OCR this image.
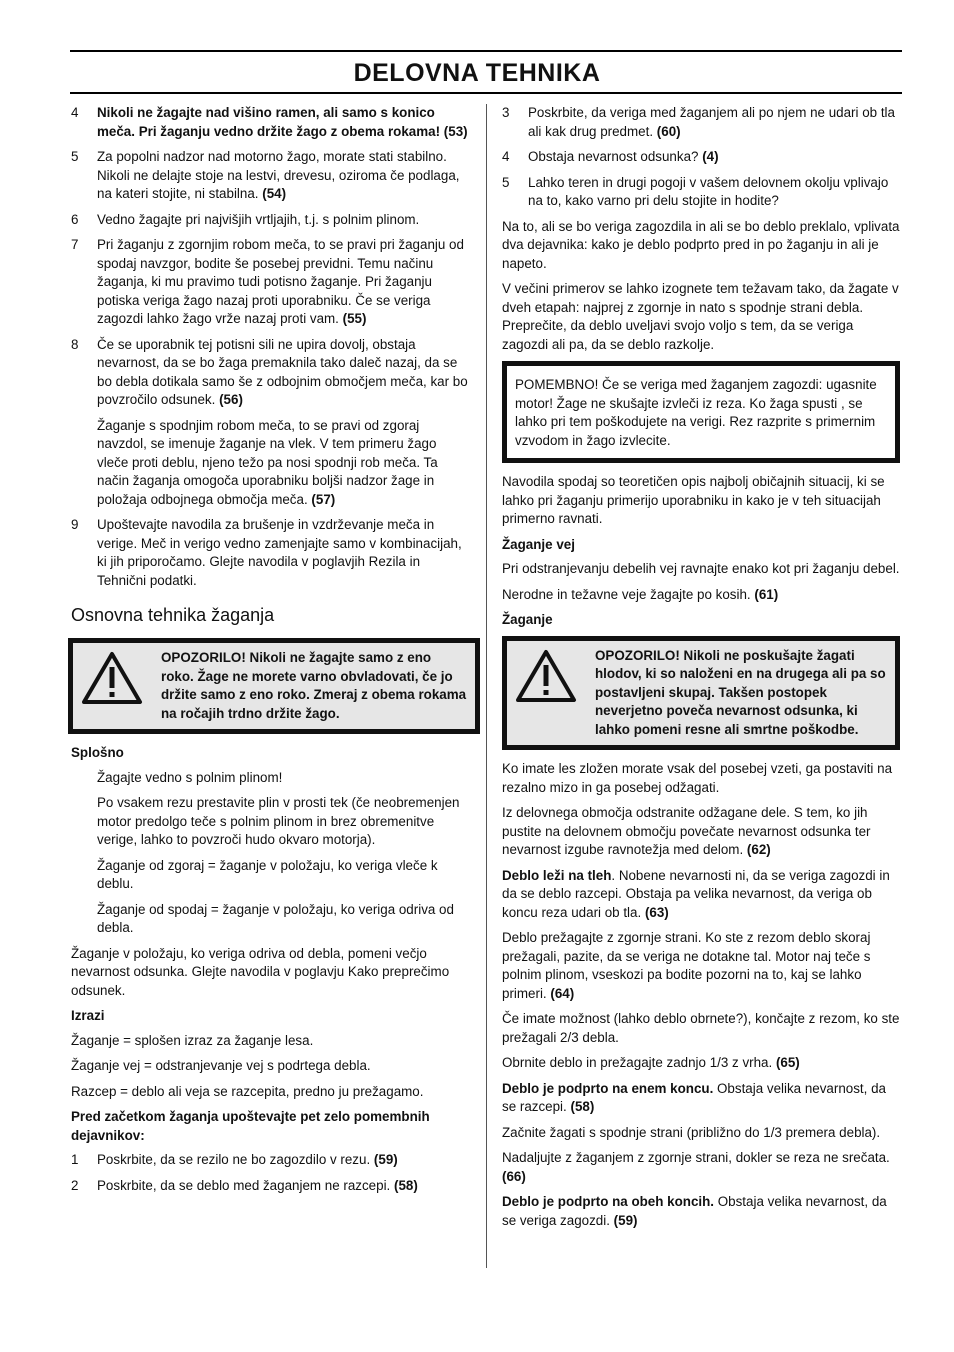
DELOVNA TEHNIKA
4	Nikoli ne žagajte nad višino ramen, ali samo s konico meča. Pri žaganju vedno držite žago z obema rokama! (53)
5	Za popolni nadzor nad motorno žago, morate stati stabilno. Nikoli ne delajte stoje na lestvi, drevesu, oziroma če podlaga, na kateri stojite, ni stabilna. (54)
6	Vedno žagajte pri najvišjih vrtljajih, t.j. s polnim plinom.
7	Pri žaganju z zgornjim robom meča, to se pravi pri žaganju od spodaj navzgor, bodite še posebej previdni. Temu načinu žaganja, ki mu pravimo tudi potisno žaganje. Pri žaganju potiska veriga žago nazaj proti uporabniku. Če se veriga zagozdi lahko žago vrže nazaj proti vam. (55)
8	Če se uporabnik tej potisni sili ne upira dovolj, obstaja nevarnost, da se bo žaga premaknila tako daleč nazaj, da se bo debla dotikala samo še z odbojnim območjem meča, kar bo povzročilo odsunek. (56)

Žaganje s spodnjim robom meča, to se pravi od zgoraj navzdol, se imenuje žaganje na vlek. V tem primeru žago vleče proti deblu, njeno težo pa nosi spodnji rob meča. Ta način žaganja omogoča uporabniku boljši nadzor žage in položaja odbojnega območja meča. (57)

9	Upoštevajte navodila za brušenje in vzdrževanje meča in verige. Meč in verigo vedno zamenjajte samo v kombinacijah, ki jih priporočamo. Glejte navodila v poglavjih Rezila in Tehnični podatki.
Osnovna tehnika žaganja
OPOZORILO! Nikoli ne žagajte samo z eno roko. Žage ne morete varno obvladovati, če jo držite samo z eno roko. Zmeraj z obema rokama na ročajih trdno držite žago.
Splošno

Žagajte vedno s polnim plinom!

Po vsakem rezu prestavite plin v prosti tek (če neobremenjen motor predolgo teče s polnim plinom in brez obremenitve verige, lahko to povzroči hudo okvaro motorja).

Žaganje od zgoraj = žaganje v položaju, ko veriga vleče k deblu.

Žaganje od spodaj = žaganje v položaju, ko veriga odriva od debla.

Žaganje v položaju, ko veriga odriva od debla, pomeni večjo nevarnost odsunka. Glejte navodila v poglavju Kako preprečimo odsunek.

Izrazi

Žaganje = splošen izraz za žaganje lesa.

Žaganje vej = odstranjevanje vej s podrtega debla.

Razcep = deblo ali veja se razcepita, predno ju prežagamo.

Pred začetkom žaganja upoštevajte pet zelo pomembnih dejavnikov:
1	Poskrbite, da se rezilo ne bo zagozdilo v rezu. (59)
2	Poskrbite, da se deblo med žaganjem ne razcepi. (58)
3	Poskrbite, da veriga med žaganjem ali po njem ne udari ob tla ali kak drug predmet. (60)
4	Obstaja nevarnost odsunka? (4)
5	Lahko teren in drugi pogoji v vašem delovnem okolju vplivajo na to, kako varno pri delu stojite in hodite?

Na to, ali se bo veriga zagozdila in ali se bo deblo preklalo, vplivata dva dejavnika: kako je deblo podprto pred in po žaganju in ali je napeto.

V večini primerov se lahko izognete tem težavam tako, da žagate v dveh etapah: najprej z zgornje in nato s spodnje strani debla. Preprečite, da deblo uveljavi svojo voljo s tem, da se veriga zagozdi ali pa, da se deblo razkolje.

POMEMBNO! Če se veriga med žaganjem zagozdi: ugasnite motor! Žage ne skušajte izvleči iz reza. Ko žaga spusti , se lahko pri tem poškodujete na verigi. Rez razprite s primernim vzvodom in žago izvlecite.

Navodila spodaj so teoretičen opis najbolj običajnih situacij, ki se lahko pri žaganju primerijo uporabniku in kako je v teh situacijah primerno ravnati.

Žaganje vej

Pri odstranjevanju debelih vej ravnajte enako kot pri žaganju debel.

Nerodne in težavne veje žagajte po kosih. (61)

Žaganje
OPOZORILO! Nikoli ne poskušajte žagati hlodov, ki so naloženi en na drugega ali pa so postavljeni skupaj. Takšen postopek neverjetno poveča nevarnost odsunka, ki lahko pomeni resne ali smrtne poškodbe.

Ko imate les zložen morate vsak del posebej vzeti, ga postaviti na rezalno mizo in ga posebej odžagati.

Iz delovnega območja odstranite odžagane dele. S tem, ko jih pustite na delovnem območju povečate nevarnost odsunka ter nevarnost izgube ravnotežja med delom. (62)

Deblo leži na tleh. Nobene nevarnosti ni, da se veriga zagozdi in da se deblo razcepi. Obstaja pa velika nevarnost, da veriga ob koncu reza udari ob tla. (63)

Deblo prežagajte z zgornje strani. Ko ste z rezom deblo skoraj prežagali, pazite, da se veriga ne dotakne tal. Motor naj teče s polnim plinom, vseskozi pa bodite pozorni na to, kaj se lahko primeri. (64)

Če imate možnost (lahko deblo obrnete?), končajte z rezom, ko ste prežagali 2/3 debla.

Obrnite deblo in prežagajte zadnjo 1/3 z vrha. (65)

Deblo je podprto na enem koncu. Obstaja velika nevarnost, da se razcepi. (58)

Začnite žagati s spodnje strani (približno do 1/3 premera debla).

Nadaljujte z žaganjem z zgornje strani, dokler se reza ne srečata. (66)

Deblo je podprto na obeh koncih. Obstaja velika nevarnost, da se veriga zagozdi. (59)
